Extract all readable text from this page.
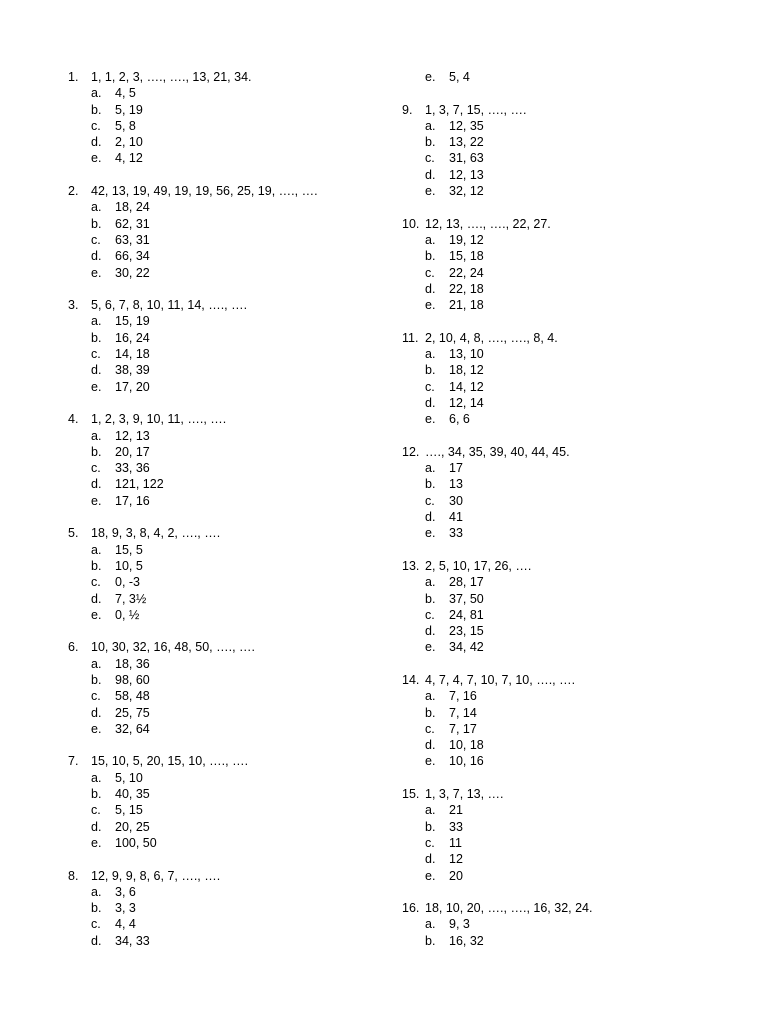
1.	1, 1, 2, 3, …., …., 13, 21, 34.
a.	4, 5
b.	5, 19
c.	5, 8
d.	2, 10
e.	4, 12
2.	42, 13, 19, 49, 19, 19, 56, 25, 19, …., ….
a.	18, 24
b.	62, 31
c.	63, 31
d.	66, 34
e.	30, 22
3.	5, 6, 7, 8, 10, 11, 14, …., ….
a.	15, 19
b.	16, 24
c.	14, 18
d.	38, 39
e.	17, 20
4.	1, 2, 3, 9, 10, 11, …., ….
a.	12, 13
b.	20, 17
c.	33, 36
d.	121, 122
e.	17, 16
5.	18, 9, 3, 8, 4, 2, …., ….
a.	15, 5
b.	10, 5
c.	0, -3
d.	7, 3½
e.	0, ½
6.	10, 30, 32, 16, 48, 50, …., ….
a.	18, 36
b.	98, 60
c.	58, 48
d.	25, 75
e.	32, 64
7.	15, 10, 5, 20, 15, 10, …., ….
a.	5, 10
b.	40, 35
c.	5, 15
d.	20, 25
e.	100, 50
8.	12, 9, 9, 8, 6, 7, …., ….
a.	3, 6
b.	3, 3
c.	4, 4
d.	34, 33
e.	5, 4
9.	1, 3, 7, 15, …., ….
a.	12, 35
b.	13, 22
c.	31, 63
d.	12, 13
e.	32, 12
10. 12, 13, …., …., 22, 27.
a.	19, 12
b.	15, 18
c.	22, 24
d.	22, 18
e.	21, 18
11. 2, 10, 4, 8, …., …., 8, 4.
a.	13, 10
b.	18, 12
c.	14, 12
d.	12, 14
e.	6, 6
12. …., 34, 35, 39, 40, 44, 45.
a.	17
b.	13
c.	30
d.	41
e.	33
13. 2, 5, 10, 17, 26, ….
a.	28, 17
b.	37, 50
c.	24, 81
d.	23, 15
e.	34, 42
14. 4, 7, 4, 7, 10, 7, 10, …., ….
a.	7, 16
b.	7, 14
c.	7, 17
d.	10, 18
e.	10, 16
15. 1, 3, 7, 13, ….
a.	21
b.	33
c.	11
d.	12
e.	20
16. 18, 10, 20, …., …., 16, 32, 24.
a.	9, 3
b.	16, 32
